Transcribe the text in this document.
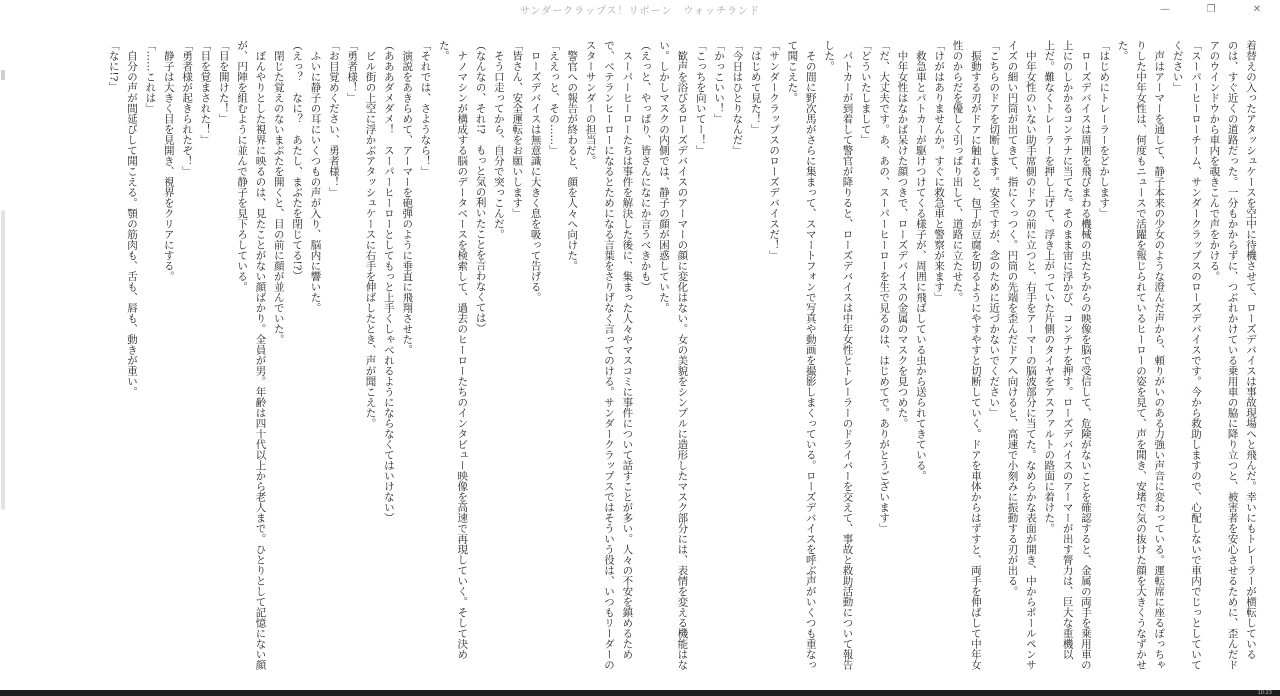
サンダークラップス！リボーン　ウォッチランド	—	❐	✕
着替えの入ったアタッシュケースを空中に待機させて、ローズデバイスは事故現場へと飛んだ。幸いにもトレーラーが横転している
のは、すぐ近くの道路だった。一分もかからずに、つぶれかけている乗用車の脇に降り立つと、被害者を安心させるために、歪んだド
アのウインドウから車内を覗きこんで声をかける。
「スーパーヒーローチーム、サンダークラップスのローズデバイスです。今から救助しますので、心配しないで車内でじっとしていて
ください」
　声はアーマーを通して、静子本来の少女のような澄んだ声から、頼りがいのある力強い声音に変わっている。運転席に座るぽっちゃ
りした中年女性は、何度もニュースで活躍を報じられているヒーローの姿を見て、声を聞き、安堵で気の抜けた顔を大きくうなずかせ
た。
「はじめにトレーラーをどかします」
　ローズデバイスは周囲を飛びまわる機械の虫たちからの映像を脳で受信して、危険がないことを確認すると、金属の両手を乗用車の
上にのしかかるコンテナに当てた。そのまま宙に浮かび、コンテナを押す。ローズデバイスのアーマーが出す膂力は、巨大な重機以
上だ。難なくトレーラーを押し上げて、浮き上がっていた片側のタイヤをアスファルトの路面に着けた。
　中年女性のいない助手席側のドアの前に立つと、右手をアーマーの脳波部分に当てた。なめらかな表面が開き、中からポールペンサ
イズの細い円筒が出てきて、指にくっつく。円筒の先端を歪んだドアへ向けると、高速で小刻みに振動する刃が出る。
「こちらのドアを切断します。安全ですが、念のために近づかないでください」
　振動する刃がドアに触れると、包丁が豆腐を切るようにやすやすと切断していく。ドアを車体からはずすと、両手を伸ばして中年女
性のからだを優しく引っぱり出して、道路に立たせた。
「けがはありませんか。すぐに救急車と警察が来ます」
　救急車とパトカーが駆けつけてくる様子が、周囲に飛ばしている虫から送られてきている。
　中年女性はなかば呆けた顔つきで、ローズデバイスの金属のマスクを見つめた。
「だ、大丈夫です。あ、あの、スーパーヒーローを生で見るのは、はじめてで。ありがとうございます」
「どういたしまして」
　パトカーが到着して警官が降りると、ローズデバイスは中年女性とトレーラーのドライバーを交えて、事故と救助活動について報告
した。
　その間に野次馬がさらに集まって、スマートフォンで写真や動画を撮影しまくっている。ローズデバイスを呼ぶ声がいくつも重なっ
て聞こえた。
「サンダークラップスのローズデバイスだ！」
「はじめて見た！」
「今日はひとりなんだ」
「かっこいい！」
「こっちを向いてー！」
　歓声を浴びるローズデバイスのアーマーの顔に変化はない。女の美貌をシンプルに造形したマスク部分には、表情を変える機能はな
い。しかしマスクの内側では、静子の顔が困惑していた。
（えっと、やっぱり、皆さんになにか言うべきかも）
　スーパーヒーローたちは事件を解決した後に、集まった人々やマスコミに事件について話すことが多い。人々の不安を鎮めるため
で、ベテランヒーローになるとためになる言葉をさりげなく言ってのける。サンダークラップスではそういう役は、いつもリーダーの
スターサンダーの担当だ。
　警官への報告が終わると、顔を人々へ向けた。
「ええっと、その……」
　ローズデバイスは無意識に大きく息を吸って告げる。
「皆さん、安全運転をお願いします」
　そう口走ってから、自分で突っこんだ。
（なんなの、それ!?　もっと気の利いたことを言わなくては）
　ナノマシンが構成する脳のデータベースを検索して、過去のヒーローたちのインタビュー映像を高速で再現していく。そして決め
た。
「それでは、さようなら！」
　演説をあきらめて、アーマーを砲弾のように垂直に飛翔させた。
（あああダメダメ！　スーパーヒーローとしてもっと上手くしゃべれるようにならなくてはいけない）
　ビル街の上空に浮かぶアタッシュケースに右手を伸ばしたとき、声が聞こえた。
「勇者様！」
「お目覚めください、勇者様！」
　ふいに静子の耳にいくつもの声が入り、脳内に響いた。
（えっ？　なに？　あたし、まぶたを閉じてる!?）
　閉じた覚えのないまぶたを開くと、目の前に顔が並んでいた。
　ぼんやりとした視界に映るのは、見たことがない顔ばかり。全員が男。年齢は四十代以上から老人まで。ひとりとして記憶にない顔
が、円陣を組むように並んで静子を見下ろしている。
「目を開けた！」
「目を覚まされた！」
「勇者様が起きられたぞ！」
　静子は大きく目を見開き、視界をクリアにする。
「……これは」
　自分の声が間延びして聞こえる。顎の筋肉も、舌も、唇も、動きが重い。
「なに!?」
10:23
